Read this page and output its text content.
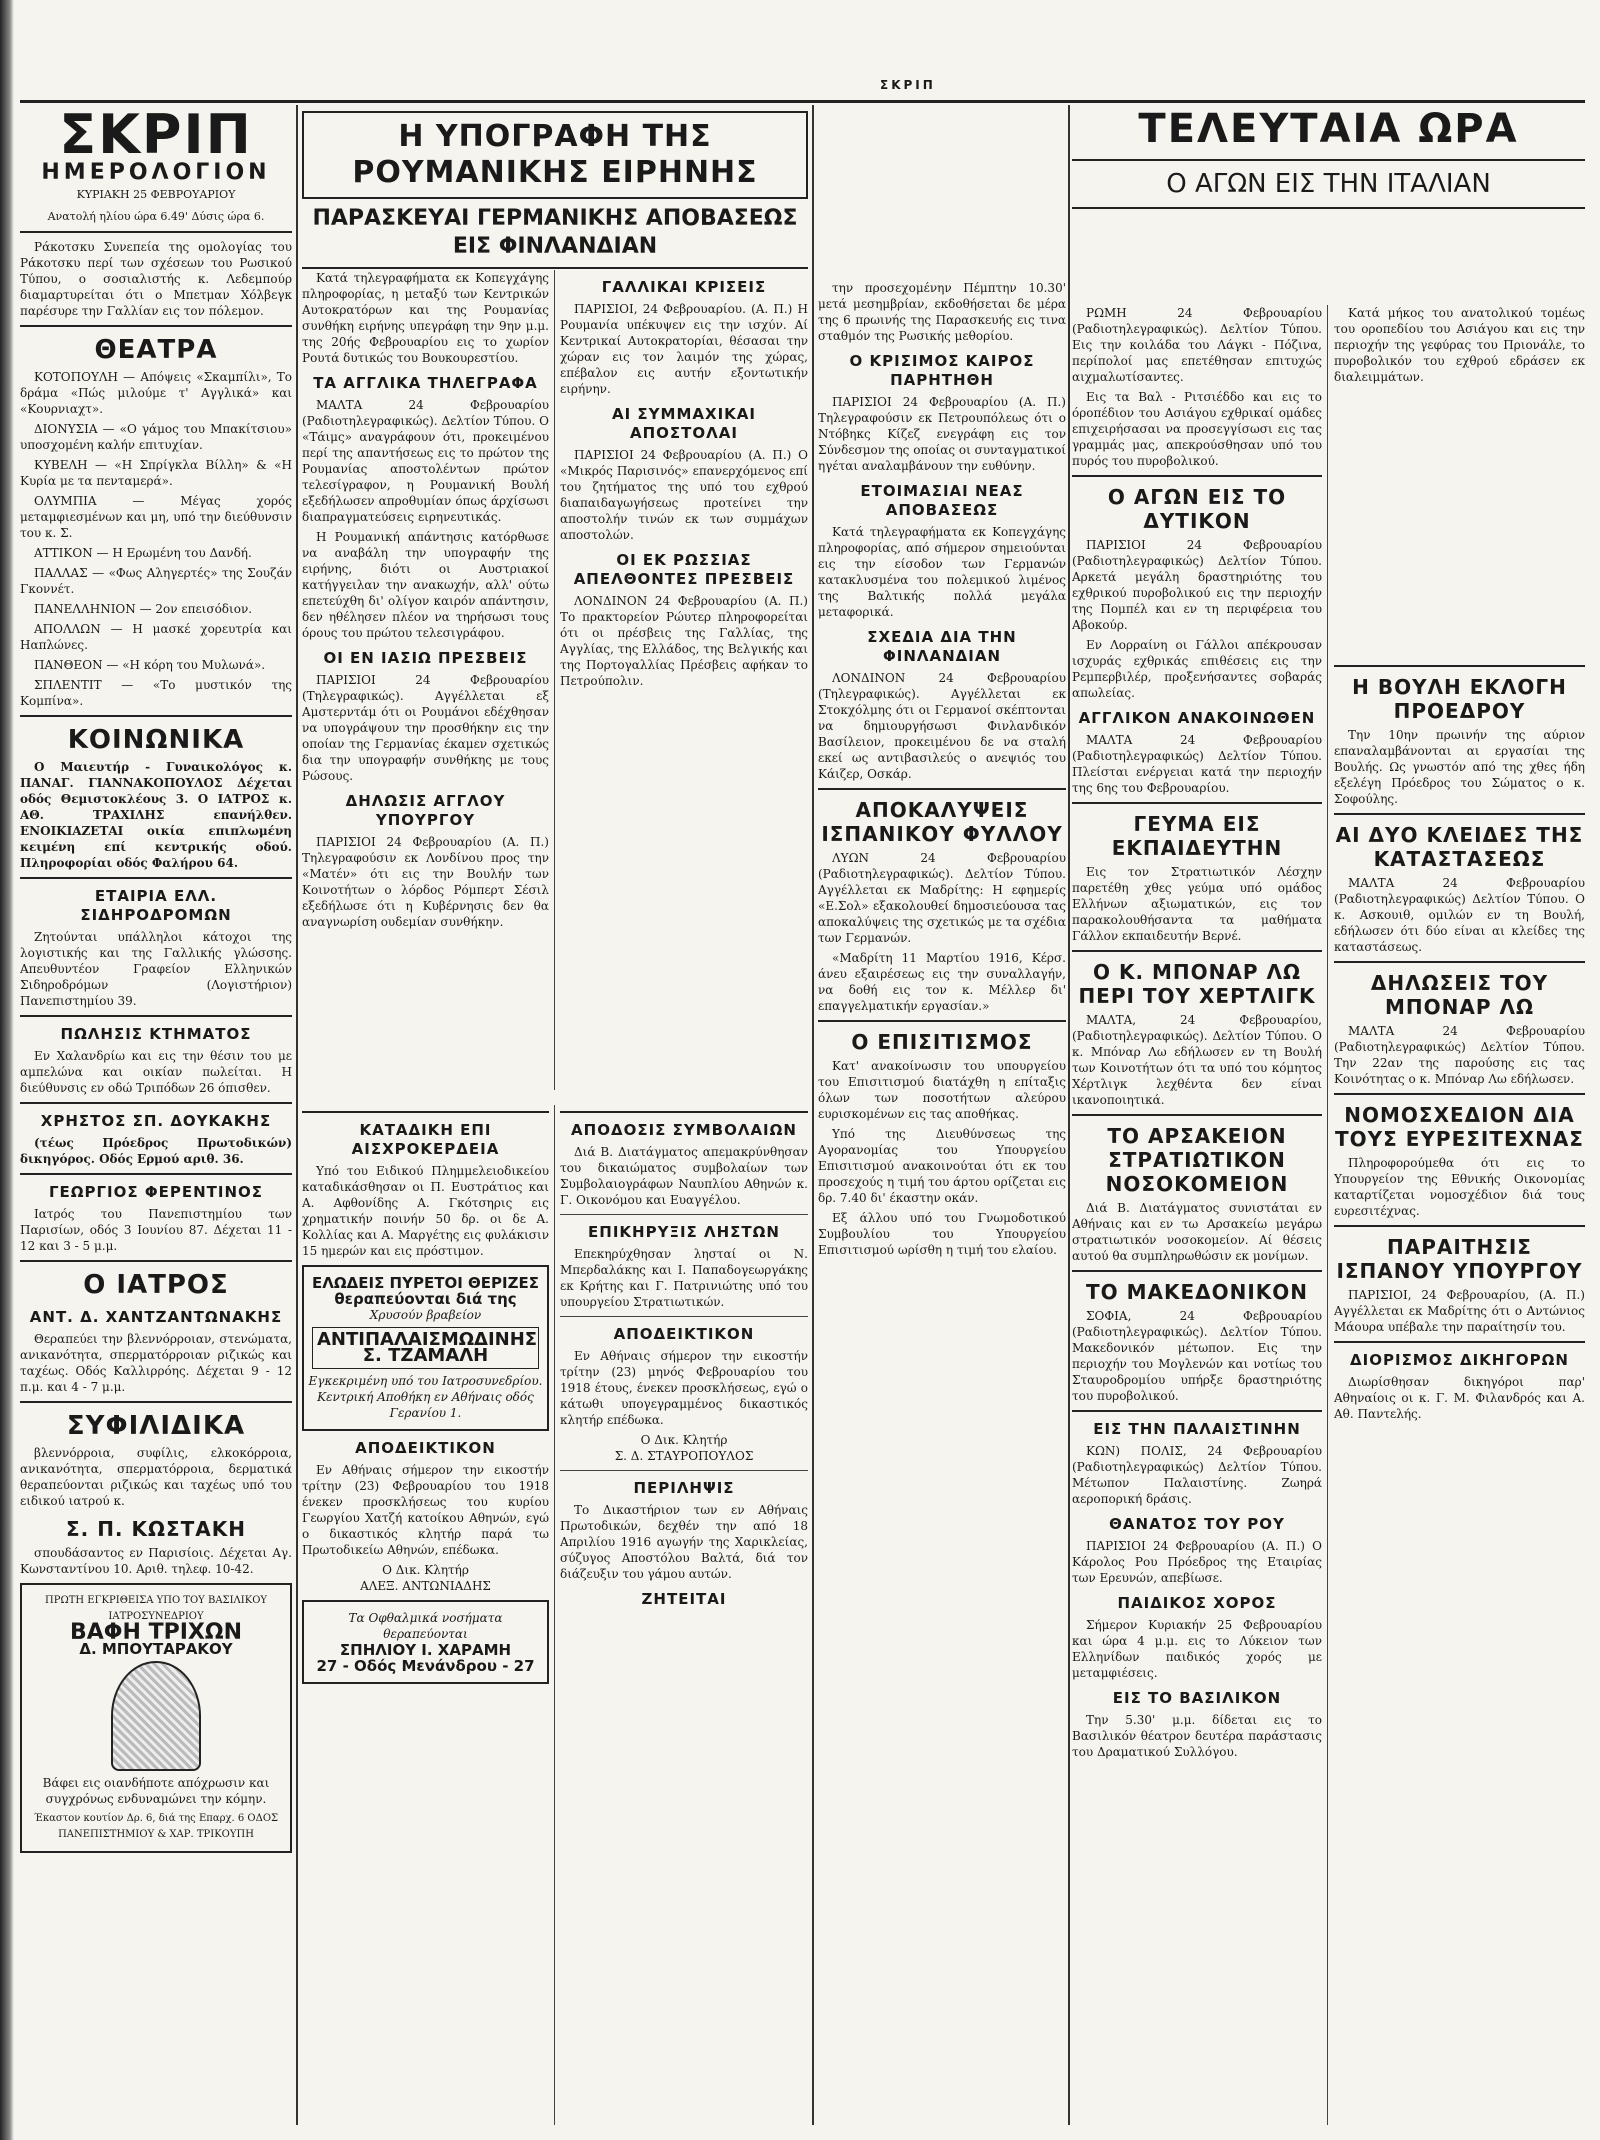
ΣΚΡΙΠ
ΣΚΡΙΠ
ΗΜΕΡΟΛΟΓΙΟΝ
ΚΥΡΙΑΚΗ 25 ΦΕΒΡΟΥΑΡΙΟΥ
Ανατολή ηλίου ώρα 6.49' Δύσις ώρα 6.
Ράκοτσκυ Συνεπεία της ομολογίας του Ράκοτσκυ περί των σχέσεων του Ρωσικού Τύπου, ο σοσιαλιστής κ. Λεδεμπούρ διαμαρτυρείται ότι ο Μπετμαν Χόλβεγκ παρέσυρε την Γαλλίαν εις τον πόλεμον.
ΘΕΑΤΡΑ
ΚΟΤΟΠΟΥΛΗ — Απόψεις «Σκαμπίλι», Το δράμα «Πώς μιλούμε τ' Αγγλικά» και «Κουρνιαχτ».
ΔΙΟΝΥΣΙΑ — «Ο γάμος του Μπακίτσιου» υποσχομένη καλήν επιτυχίαν.
ΚΥΒΕΛΗ — «Η Σπρίγκλα Βίλλη» & «Η Κυρία με τα πενταμερά».
ΟΛΥΜΠΙΑ — Μέγας χορός μεταμφιεσμένων και μη, υπό την διεύθυνσιν του κ. Σ.
ΑΤΤΙΚΟΝ — Η Ερωμένη του Δανδή.
ΠΑΛΛΑΣ — «Φως Αληγερτές» της Σουζάν Γκοννέτ.
ΠΑΝΕΛΛΗΝΙΟΝ — 2ον επεισόδιον.
ΑΠΟΛΛΩΝ — Η μασκέ χορευτρία και Ηαπλώνες.
ΠΑΝΘΕΟΝ — «Η κόρη του Μυλωνά».
ΣΠΛΕΝΤΙΤ — «Το μυστικόν της Κομπίνα».
ΚΟΙΝΩΝΙΚΑ
Ο Μαιευτήρ - Γυναικολόγος κ. ΠΑΝΑΓ. ΓΙΑΝΝΑΚΟΠΟΥΛΟΣ Δέχεται οδός Θεμιστοκλέους 3. Ο ΙΑΤΡΟΣ κ. ΑΘ. ΤΡΑΧΙΛΗΣ επανήλθεν. ΕΝΟΙΚΙΑΖΕΤΑΙ οικία επιπλωμένη κειμένη επί κεντρικής οδού. Πληροφορίαι οδός Φαλήρου 64.
ΕΤΑΙΡΙΑ ΕΛΛ. ΣΙΔΗΡΟΔΡΟΜΩΝ
Ζητούνται υπάλληλοι κάτοχοι της λογιστικής και της Γαλλικής γλώσσης. Απευθυντέον Γραφείον Ελληνικών Σιδηροδρόμων (Λογιστήριον) Πανεπιστημίου 39.
ΠΩΛΗΣΙΣ ΚΤΗΜΑΤΟΣ
Εν Χαλανδρίω και εις την θέσιν του με αμπελώνα και οικίαν πωλείται. Η διεύθυνσις εν οδώ Τριπόδων 26 όπισθεν.
ΧΡΗΣΤΟΣ ΣΠ. ΔΟΥΚΑΚΗΣ
(τέως Πρόεδρος Πρωτοδικών) δικηγόρος. Οδός Ερμού αριθ. 36.
ΓΕΩΡΓΙΟΣ ΦΕΡΕΝΤΙΝΟΣ
Ιατρός του Πανεπιστημίου των Παρισίων, οδός 3 Ιουνίου 87. Δέχεται 11 - 12 και 3 - 5 μ.μ.
Ο ΙΑΤΡΟΣ
ΑΝΤ. Δ. ΧΑΝΤΖΑΝΤΩΝΑΚΗΣ
Θεραπεύει την βλεννόρροιαν, στενώματα, ανικανότητα, σπερματόρροιαν ριζικώς και ταχέως. Οδός Καλλιρρόης. Δέχεται 9 - 12 π.μ. και 4 - 7 μ.μ.
ΣΥΦΙΛΙΔΙΚΑ
βλεννόρροια, συφίλις, ελκοκόρροια, ανικανότητα, σπερματόρροια, δερματικά θεραπεύονται ριζικώς και ταχέως υπό του ειδικού ιατρού κ.
Σ. Π. ΚΩΣΤΑΚΗ
σπουδάσαντος εν Παρισίοις. Δέχεται Αγ. Κωνσταντίνου 10. Αριθ. τηλεφ. 10-42.
ΠΡΩΤΗ ΕΓΚΡΙΘΕΙΣΑ ΥΠΟ ΤΟΥ ΒΑΣΙΛΙΚΟΥ ΙΑΤΡΟΣΥΝΕΔΡΙΟΥ
ΒΑΦΗ ΤΡΙΧΩΝ
Δ. ΜΠΟΥΤΑΡΑΚΟΥ
Βάφει εις οιανδήποτε απόχρωσιν και συγχρόνως ενδυναμώνει την κόμην.
Έκαστον κουτίον Δρ. 6, διά της Επαρχ. 6 ΟΔΟΣ ΠΑΝΕΠΙΣΤΗΜΙΟΥ & ΧΑΡ. ΤΡΙΚΟΥΠΗ
Η ΥΠΟΓΡΑΦΗ ΤΗΣ ΡΟΥΜΑΝΙΚΗΣ ΕΙΡΗΝΗΣ
ΠΑΡΑΣΚΕΥΑΙ ΓΕΡΜΑΝΙΚΗΣ ΑΠΟΒΑΣΕΩΣ ΕΙΣ ΦΙΝΛΑΝΔΙΑΝ
Κατά τηλεγραφήματα εκ Κοπεγχάγης πληροφορίας, η μεταξύ των Κεντρικών Αυτοκρατόρων και της Ρουμανίας συνθήκη ειρήνης υπεγράφη την 9ην μ.μ. της 20ής Φεβρουαρίου εις το χωρίον Ρουτά δυτικώς του Βουκουρεστίου.
ΤΑ ΑΓΓΛΙΚΑ ΤΗΛΕΓΡΑΦΑ
ΜΑΛΤΑ 24 Φεβρουαρίου (Ραδιοτηλεγραφικώς). Δελτίον Τύπου. Ο «Τάιμς» αναγράφουν ότι, προκειμένου περί της απαντήσεως εις το πρώτον της Ρουμανίας αποστολέντων πρώτον τελεσίγραφον, η Ρουμανική Βουλή εξεδήλωσεν απροθυμίαν όπως άρχίσωσι διαπραγματεύσεις ειρηνευτικάς.
Η Ρουμανική απάντησις κατόρθωσε να αναβάλη την υπογραφήν της ειρήνης, διότι οι Αυστριακοί κατήγγειλαν την ανακωχήν, αλλ' ούτω επετεύχθη δι' ολίγον καιρόν απάντησιν, δεν ηθέλησεν πλέον να τηρήσωσι τους όρους του πρώτου τελεσιγράφου.
ΟΙ ΕΝ ΙΑΣΙΩ ΠΡΕΣΒΕΙΣ
ΠΑΡΙΣΙΟΙ 24 Φεβρουαρίου (Τηλεγραφικώς). Αγγέλλεται εξ Αμστερντάμ ότι οι Ρουμάνοι εδέχθησαν να υπογράψουν την προσθήκην εις την οποίαν της Γερμανίας έκαμεν σχετικώς δια την υπογραφήν συνθήκης με τους Ρώσους.
ΔΗΛΩΣΙΣ ΑΓΓΛΟΥ ΥΠΟΥΡΓΟΥ
ΠΑΡΙΣΙΟΙ 24 Φεβρουαρίου (Α. Π.) Τηλεγραφούσιν εκ Λονδίνου προς την «Ματέν» ότι εις την Βουλήν των Κοινοτήτων ο λόρδος Ρόμπερτ Σέσιλ εξεδήλωσε ότι η Κυβέρνησις δεν θα αναγνωρίση ουδεμίαν συνθήκην.
ΓΑΛΛΙΚΑΙ ΚΡΙΣΕΙΣ
ΠΑΡΙΣΙΟΙ, 24 Φεβρουαρίου. (Α. Π.) Η Ρουμανία υπέκυψεν εις την ισχύν. Αί Κεντρικαί Αυτοκρατορίαι, θέσασαι την χώραν εις τον λαιμόν της χώρας, επέβαλον εις αυτήν εξοντωτικήν ειρήνην.
ΑΙ ΣΥΜΜΑΧΙΚΑΙ ΑΠΟΣΤΟΛΑΙ
ΠΑΡΙΣΙΟΙ 24 Φεβρουαρίου (Α. Π.) Ο «Μικρός Παρισινός» επανερχόμενος επί του ζητήματος της υπό του εχθρού διαπαιδαγωγήσεως προτείνει την αποστολήν τινών εκ των συμμάχων αποστολών.
ΟΙ ΕΚ ΡΩΣΣΙΑΣ ΑΠΕΛΘΟΝΤΕΣ ΠΡΕΣΒΕΙΣ
ΛΟΝΔΙΝΟΝ 24 Φεβρουαρίου (Α. Π.) Το πρακτορείον Ρώυτερ πληροφορείται ότι οι πρέσβεις της Γαλλίας, της Αγγλίας, της Ελλάδος, της Βελγικής και της Πορτογαλλίας Πρέσβεις αφήκαν το Πετρούπολιν.
ΚΑΤΑΔΙΚΗ ΕΠΙ ΑΙΣΧΡΟΚΕΡΔΕΙΑ
Υπό του Ειδικού Πλημμελειοδικείου καταδικάσθησαν οι Π. Ευστράτιος και Α. Αφθονίδης Α. Γκότσηρις εις χρηματικήν ποινήν 50 δρ. οι δε Α. Κολλίας και Α. Μαργέτης εις φυλάκισιν 15 ημερών και εις πρόστιμον.
ΕΛΩΔΕΙΣ ΠΥΡΕΤΟΙ ΘΕΡΙΖΕΣ θεραπεύονται διά της
Χρυσούν βραβείον
ΑΝΤΙΠΑΛΑΙΣΜΩΔΙΝΗΣ Σ. ΤΖΑΜΑΛΗ
Εγκεκριμένη υπό του Ιατροσυνεδρίου. Κεντρική Αποθήκη εν Αθήναις οδός Γερανίου 1.
ΑΠΟΔΕΙΚΤΙΚΟΝ
Εν Αθήναις σήμερον την εικοστήν τρίτην (23) Φεβρουαρίου του 1918 ένεκεν προσκλήσεως του κυρίου Γεωργίου Χατζή κατοίκου Αθηνών, εγώ ο δικαστικός κλητήρ παρά τω Πρωτοδικείω Αθηνών, επέδωκα.
Ο Δικ. Κλητήρ
ΑΛΕΞ. ΑΝΤΩΝΙΑΔΗΣ
Τα Οφθαλμικά νοσήματα θεραπεύονται
ΣΠΗΛΙΟΥ Ι. ΧΑΡΑΜΗ
27 - Οδός Μενάνδρου - 27
ΑΠΟΔΟΣΙΣ ΣΥΜΒΟΛΑΙΩΝ
Διά Β. Διατάγματος απεμακρύνθησαν του δικαιώματος συμβολαίων των Συμβολαιογράφων Ναυπλίου Αθηνών κ. Γ. Οικονόμου και Ευαγγέλου.
ΕΠΙΚΗΡΥΞΙΣ ΛΗΣΤΩΝ
Επεκηρύχθησαν λησταί οι Ν. Μπερδαλάκης και Ι. Παπαδογεωργάκης εκ Κρήτης και Γ. Πατρινιώτης υπό του υπουργείου Στρατιωτικών.
ΑΠΟΔΕΙΚΤΙΚΟΝ
Εν Αθήναις σήμερον την εικοστήν τρίτην (23) μηνός Φεβρουαρίου του 1918 έτους, ένεκεν προσκλήσεως, εγώ ο κάτωθι υπογεγραμμένος δικαστικός κλητήρ επέδωκα.
Ο Δικ. Κλητήρ
Σ. Δ. ΣΤΑΥΡΟΠΟΥΛΟΣ
ΠΕΡΙΛΗΨΙΣ
Το Δικαστήριον των εν Αθήναις Πρωτοδικών, δεχθέν την από 18 Απριλίου 1916 αγωγήν της Χαρικλείας, σύζυγος Αποστόλου Βαλτά, διά τον διάζευξιν του γάμου αυτών.
ΖΗΤΕΙΤΑΙ
την προσεχομένην Πέμπτην 10.30' μετά μεσημβρίαν, εκδοθήσεται δε μέρα της 6 πρωινής της Παρασκευής εις τινα σταθμόν της Ρωσικής μεθορίου.
Ο ΚΡΙΣΙΜΟΣ ΚΑΙΡΟΣ ΠΑΡΗΤΗΘΗ
ΠΑΡΙΣΙΟΙ 24 Φεβρουαρίου (Α. Π.) Τηλεγραφούσιν εκ Πετρουπόλεως ότι ο Ντόβηκς Κίζεζ ενεγράφη εις τον Σύνδεσμον της οποίας οι συνταγματικοί ηγέται αναλαμβάνουν την ευθύνην.
ΕΤΟΙΜΑΣΙΑΙ ΝΕΑΣ ΑΠΟΒΑΣΕΩΣ
Κατά τηλεγραφήματα εκ Κοπεγχάγης πληροφορίας, από σήμερον σημειούνται εις την είσοδον των Γερμανών κατακλυσμένα του πολεμικού λιμένος της Βαλτικής πολλά μεγάλα μεταφορικά.
ΣΧΕΔΙΑ ΔΙΑ ΤΗΝ ΦΙΝΛΑΝΔΙΑΝ
ΛΟΝΔΙΝΟΝ 24 Φεβρουαρίου (Τηλεγραφικώς). Αγγέλλεται εκ Στοκχόλμης ότι οι Γερμανοί σκέπτονται να δημιουργήσωσι Φινλανδικόν Βασίλειον, προκειμένου δε να σταλή εκεί ως αντιβασιλεύς ο ανεψιός του Κάιζερ, Οσκάρ.
ΑΠΟΚΑΛΥΨΕΙΣ ΙΣΠΑΝΙΚΟΥ ΦΥΛΛΟΥ
ΛΥΩΝ 24 Φεβρουαρίου (Ραδιοτηλεγραφικώς). Δελτίον Τύπου. Αγγέλλεται εκ Μαδρίτης: Η εφημερίς «Ε.Σολ» εξακολουθεί δημοσιεύουσα τας αποκαλύψεις της σχετικώς με τα σχέδια των Γερμανών.
«Μαδρίτη 11 Μαρτίου 1916, Κέρσ. άνευ εξαιρέσεως εις την συναλλαγήν, να δοθή εις τον κ. Μέλλερ δι' επαγγελματικήν εργασίαν.»
Ο ΕΠΙΣΙΤΙΣΜΟΣ
Κατ' ανακοίνωσιν του υπουργείου του Επισιτισμού διατάχθη η επίταξις όλων των ποσοτήτων αλεύρου ευρισκομένων εις τας αποθήκας.
Υπό της Διευθύνσεως της Αγορανομίας του Υπουργείου Επισιτισμού ανακοινούται ότι εκ του προσεχούς η τιμή του άρτου ορίζεται εις δρ. 7.40 δι' έκαστην οκάν.
Εξ άλλου υπό του Γνωμοδοτικού Συμβουλίου του Υπουργείου Επισιτισμού ωρίσθη η τιμή του ελαίου.
ΤΕΛΕΥΤΑΙΑ ΩΡΑ
Ο ΑΓΩΝ ΕΙΣ ΤΗΝ ΙΤΑΛΙΑΝ
ΡΩΜΗ 24 Φεβρουαρίου (Ραδιοτηλεγραφικώς). Δελτίον Τύπου. Εις την κοιλάδα του Λάγκι - Πόζινα, περίπολοί μας επετέθησαν επιτυχώς αιχμαλωτίσαντες.
Εις τα Βαλ - Ριτσιέδδο και εις το όροπέδιον του Ασιάγου εχθρικαί ομάδες επιχειρήσασαι να προσεγγίσωσι εις τας γραμμάς μας, απεκρούσθησαν υπό του πυρός του πυροβολικού.
Ο ΑΓΩΝ ΕΙΣ ΤΟ ΔΥΤΙΚΟΝ
ΠΑΡΙΣΙΟΙ 24 Φεβρουαρίου (Ραδιοτηλεγραφικώς) Δελτίον Τύπου. Αρκετά μεγάλη δραστηριότης του εχθρικού πυροβολικού εις την περιοχήν της Πομπέλ και εν τη περιφέρεια του Αβοκούρ.
Εν Λορραίνη οι Γάλλοι απέκρουσαν ισχυράς εχθρικάς επιθέσεις εις την Ρεμπερβιλέρ, προξενήσαντες σοβαράς απωλείας.
ΑΓΓΛΙΚΟΝ ΑΝΑΚΟΙΝΩΘΕΝ
ΜΑΛΤΑ 24 Φεβρουαρίου (Ραδιοτηλεγραφικώς) Δελτίον Τύπου. Πλείσται ενέργειαι κατά την περιοχήν της 6ης του Φεβρουαρίου.
ΓΕΥΜΑ ΕΙΣ ΕΚΠΑΙΔΕΥΤΗΝ
Εις τον Στρατιωτικόν Λέσχην παρετέθη χθες γεύμα υπό ομάδος Ελλήνων αξιωματικών, εις τον παρακολουθήσαντα τα μαθήματα Γάλλον εκπαιδευτήν Βερνέ.
Ο Κ. ΜΠΟΝΑΡ ΛΩ ΠΕΡΙ ΤΟΥ ΧΕΡΤΛΙΓΚ
ΜΑΛΤΑ, 24 Φεβρουαρίου, (Ραδιοτηλεγραφικώς). Δελτίον Τύπου. Ο κ. Μπόναρ Λω εδήλωσεν εν τη Βουλή των Κοινοτήτων ότι τα υπό του κόμητος Χέρτλιγκ λεχθέντα δεν είναι ικανοποιητικά.
ΤΟ ΑΡΣΑΚΕΙΟΝ ΣΤΡΑΤΙΩΤΙΚΟΝ ΝΟΣΟΚΟΜΕΙΟΝ
Διά Β. Διατάγματος συνιστάται εν Αθήναις και εν τω Αρσακείω μεγάρω στρατιωτικόν νοσοκομείον. Αί θέσεις αυτού θα συμπληρωθώσιν εκ μονίμων.
ΤΟ ΜΑΚΕΔΟΝΙΚΟΝ
ΣΟΦΙΑ, 24 Φεβρουαρίου (Ραδιοτηλεγραφικώς). Δελτίον Τύπου. Μακεδονικόν μέτωπον. Εις την περιοχήν του Μογλενών και νοτίως του Σταυροδρομίου υπήρξε δραστηριότης του πυροβολικού.
ΕΙΣ ΤΗΝ ΠΑΛΑΙΣΤΙΝΗΝ
ΚΩΝ) ΠΟΛΙΣ, 24 Φεβρουαρίου (Ραδιοτηλεγραφικώς) Δελτίον Τύπου. Μέτωπον Παλαιστίνης. Ζωηρά αεροπορική δράσις.
ΘΑΝΑΤΟΣ ΤΟΥ ΡΟΥ
ΠΑΡΙΣΙΟΙ 24 Φεβρουαρίου (Α. Π.) Ο Κάρολος Ρου Πρόεδρος της Εταιρίας των Ερευνών, απεβίωσε.
ΠΑΙΔΙΚΟΣ ΧΟΡΟΣ
Σήμερον Κυριακήν 25 Φεβρουαρίου και ώρα 4 μ.μ. εις το Λύκειον των Ελληνίδων παιδικός χορός με μεταμφιέσεις.
ΕΙΣ ΤΟ ΒΑΣΙΛΙΚΟΝ
Την 5.30' μ.μ. δίδεται εις το Βασιλικόν θέατρον δευτέρα παράστασις του Δραματικού Συλλόγου.
Κατά μήκος του ανατολικού τομέως του οροπεδίου του Ασιάγου και εις την περιοχήν της γεφύρας του Πριονάλε, το πυροβολικόν του εχθρού εδράσεν εκ διαλειμμάτων.
Η ΒΟΥΛΗ ΕΚΛΟΓΗ ΠΡΟΕΔΡΟΥ
Την 10ην πρωινήν της αύριον επαναλαμβάνονται αι εργασίαι της Βουλής. Ως γνωστόν από της χθες ήδη εξελέγη Πρόεδρος του Σώματος ο κ. Σοφούλης.
ΑΙ ΔΥΟ ΚΛΕΙΔΕΣ ΤΗΣ ΚΑΤΑΣΤΑΣΕΩΣ
ΜΑΛΤΑ 24 Φεβρουαρίου (Ραδιοτηλεγραφικώς) Δελτίον Τύπου. Ο κ. Ασκουιθ, ομιλών εν τη Βουλή, εδήλωσεν ότι δύο είναι αι κλείδες της καταστάσεως.
ΔΗΛΩΣΕΙΣ ΤΟΥ ΜΠΟΝΑΡ ΛΩ
ΜΑΛΤΑ 24 Φεβρουαρίου (Ραδιοτηλεγραφικώς) Δελτίον Τύπου. Την 22αν της παρούσης εις τας Κοινότητας ο κ. Μπόναρ Λω εδήλωσεν.
ΝΟΜΟΣΧΕΔΙΟΝ ΔΙΑ ΤΟΥΣ ΕΥΡΕΣΙΤΕΧΝΑΣ
Πληροφορούμεθα ότι εις το Υπουργείον της Εθνικής Οικονομίας καταρτίζεται νομοσχέδιον διά τους ευρεσιτέχνας.
ΠΑΡΑΙΤΗΣΙΣ ΙΣΠΑΝΟΥ ΥΠΟΥΡΓΟΥ
ΠΑΡΙΣΙΟΙ, 24 Φεβρουαρίου, (Α. Π.) Αγγέλλεται εκ Μαδρίτης ότι ο Αντώνιος Μάουρα υπέβαλε την παραίτησίν του.
ΔΙΟΡΙΣΜΟΣ ΔΙΚΗΓΟΡΩΝ
Διωρίσθησαν δικηγόροι παρ' Αθηναίοις οι κ. Γ. Μ. Φιλανδρός και Α. Αθ. Παντελής.
